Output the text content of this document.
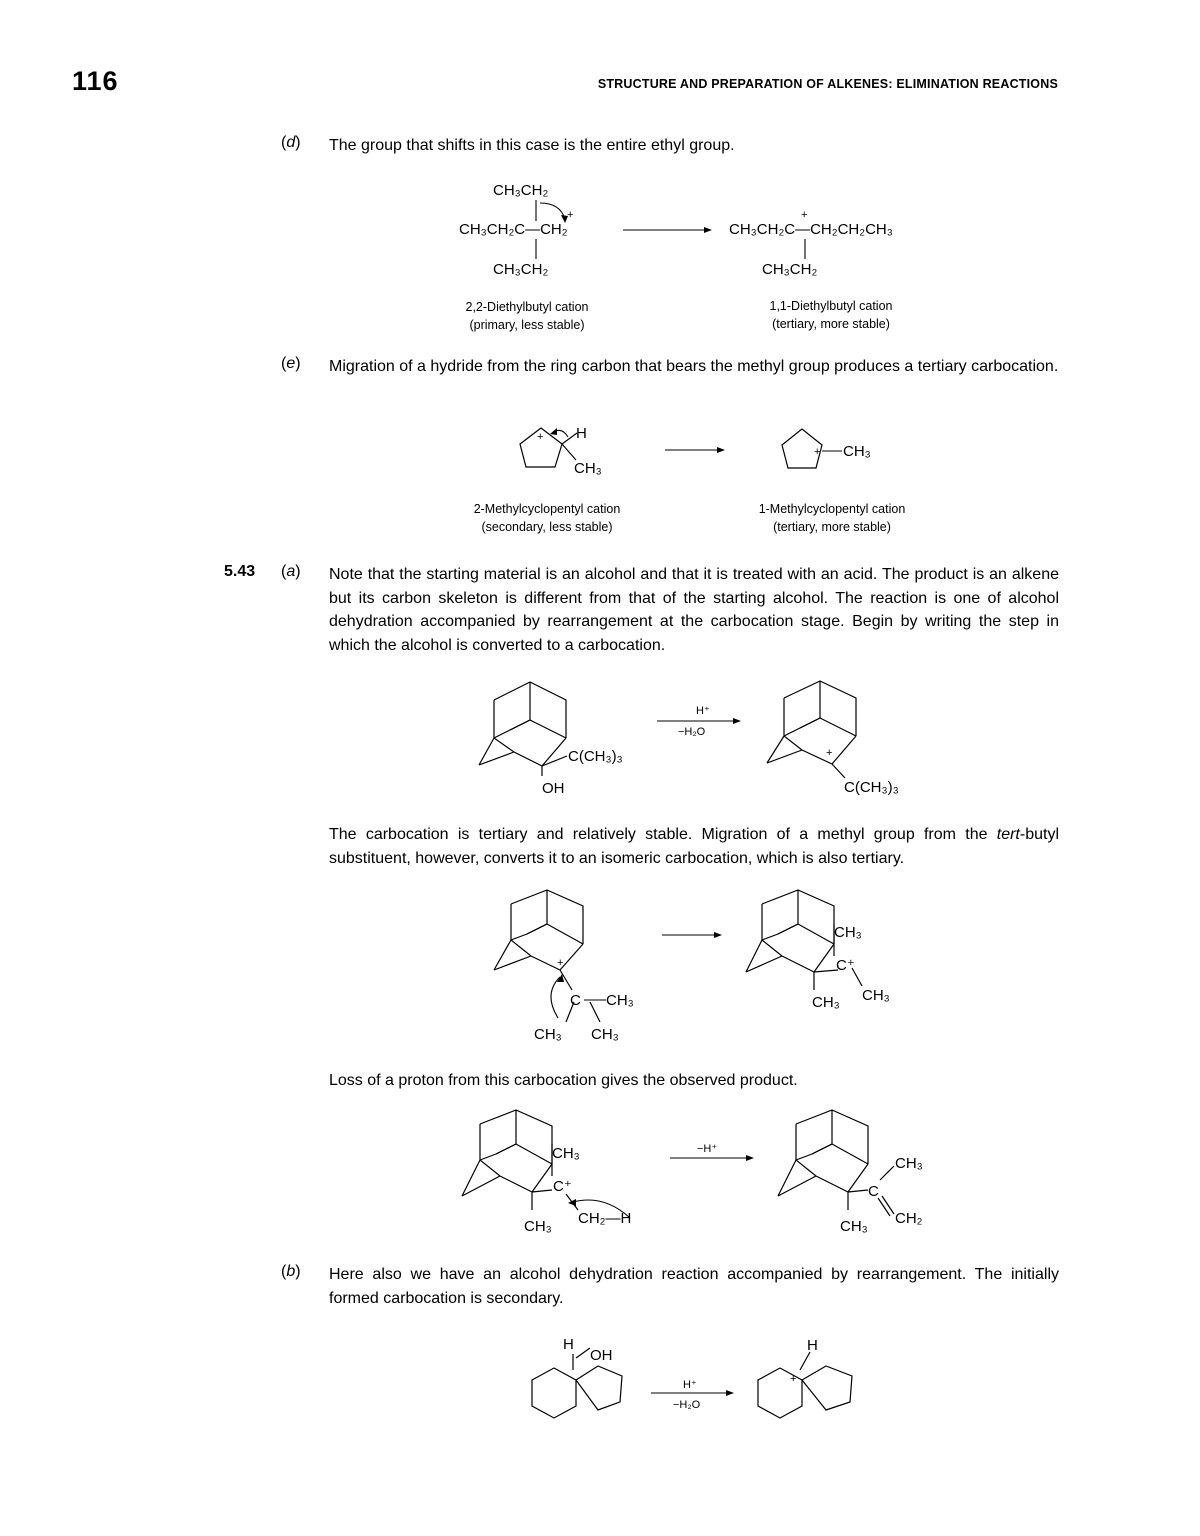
116	STRUCTURE AND PREPARATION OF ALKENES: ELIMINATION REACTIONS
(d) The group that shifts in this case is the entire ethyl group.
CH₃CH₂
+
CH₃CH₂C—CH₂
CH₃CH₂
+
CH₃CH₂C—CH₂CH₂CH₃
CH₃CH₂
2,2-Diethylbutyl cation
(primary, less stable)
1,1-Diethylbutyl cation
(tertiary, more stable)
(e) Migration of a hydride from the ring carbon that bears the methyl group produces a tertiary carbocation.
+ H
CH₃
+ CH₃
2-Methylcyclopentyl cation
(secondary, less stable)
1-Methylcyclopentyl cation
(tertiary, more stable)
5.43 (a) Note that the starting material is an alcohol and that it is treated with an acid. The product is an alkene but its carbon skeleton is different from that of the starting alcohol. The reaction is one of alcohol dehydration accompanied by rearrangement at the carbocation stage. Begin by writing the step in which the alcohol is converted to a carbocation.
C(CH₃)₃
OH
H⁺
−H₂O
+
C(CH₃)₃
The carbocation is tertiary and relatively stable. Migration of a methyl group from the tert-butyl substituent, however, converts it to an isomeric carbocation, which is also tertiary.
+
C CH₃
CH₃ CH₃
CH₃
C⁺
CH₃ CH₃
Loss of a proton from this carbocation gives the observed product.
CH₃
C⁺
CH₃ CH₂—H
−H⁺
C
CH₃
CH₃ CH₂
(b) Here also we have an alcohol dehydration reaction accompanied by rearrangement. The initially formed carbocation is secondary.
H
OH
H⁺
−H₂O
+
H
